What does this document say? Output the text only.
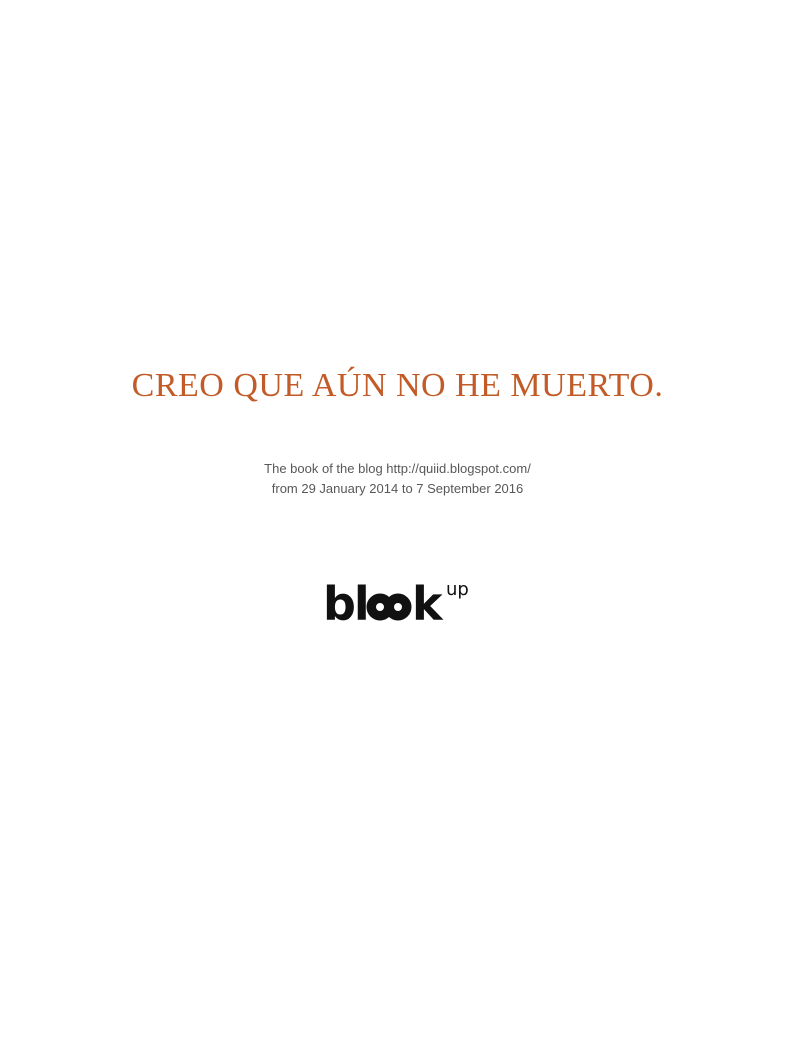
CREO QUE AÚN NO HE MUERTO.
The book of the blog http://quiid.blogspot.com/
from 29 January 2014 to 7 September 2016
bl k up
